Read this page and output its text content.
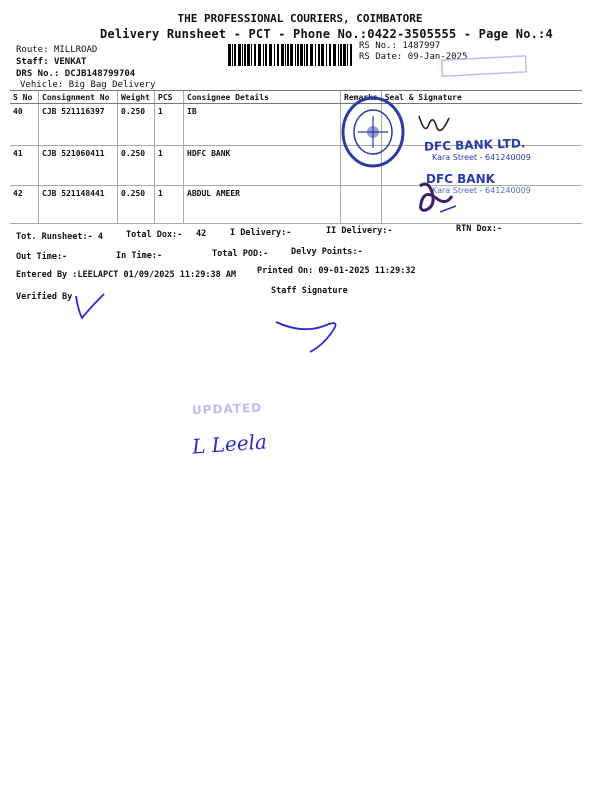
THE PROFESSIONAL COURIERS, COIMBATORE
Delivery Runsheet - PCT - Phone No.:0422-3505555 - Page No.:4
Route: MILLROAD
Staff: VENKAT
DRS No.: DCJB148799704
Vehicle: Big Bag Delivery
RS No.: 1487997
RS Date: 09-Jan-2025
S No	Consignment No	Weight	PCS	Consignee Details	Remarks	Seal & Signature
40	CJB 521116397	0.250	1	IB		
41	CJB 521060411	0.250	1	HDFC BANK		
42	CJB 521148441	0.250	1	ABDUL AMEER		
DFC BANK LTD.
Kara Street - 641240009
DFC BANK
Kara Street - 641240009
Tot. Runsheet:- 4	Total Dox:- 42	I Delivery:-	II Delivery:-	RTN Dox:-
Out Time:-	In Time:-	Total POD:-	Delvy Points:-
Entered By :LEELAPCT 01/09/2025 11:29:38 AM Printed On: 09-01-2025 11:29:32
Verified By
Staff Signature
UPDATED
L Leela
